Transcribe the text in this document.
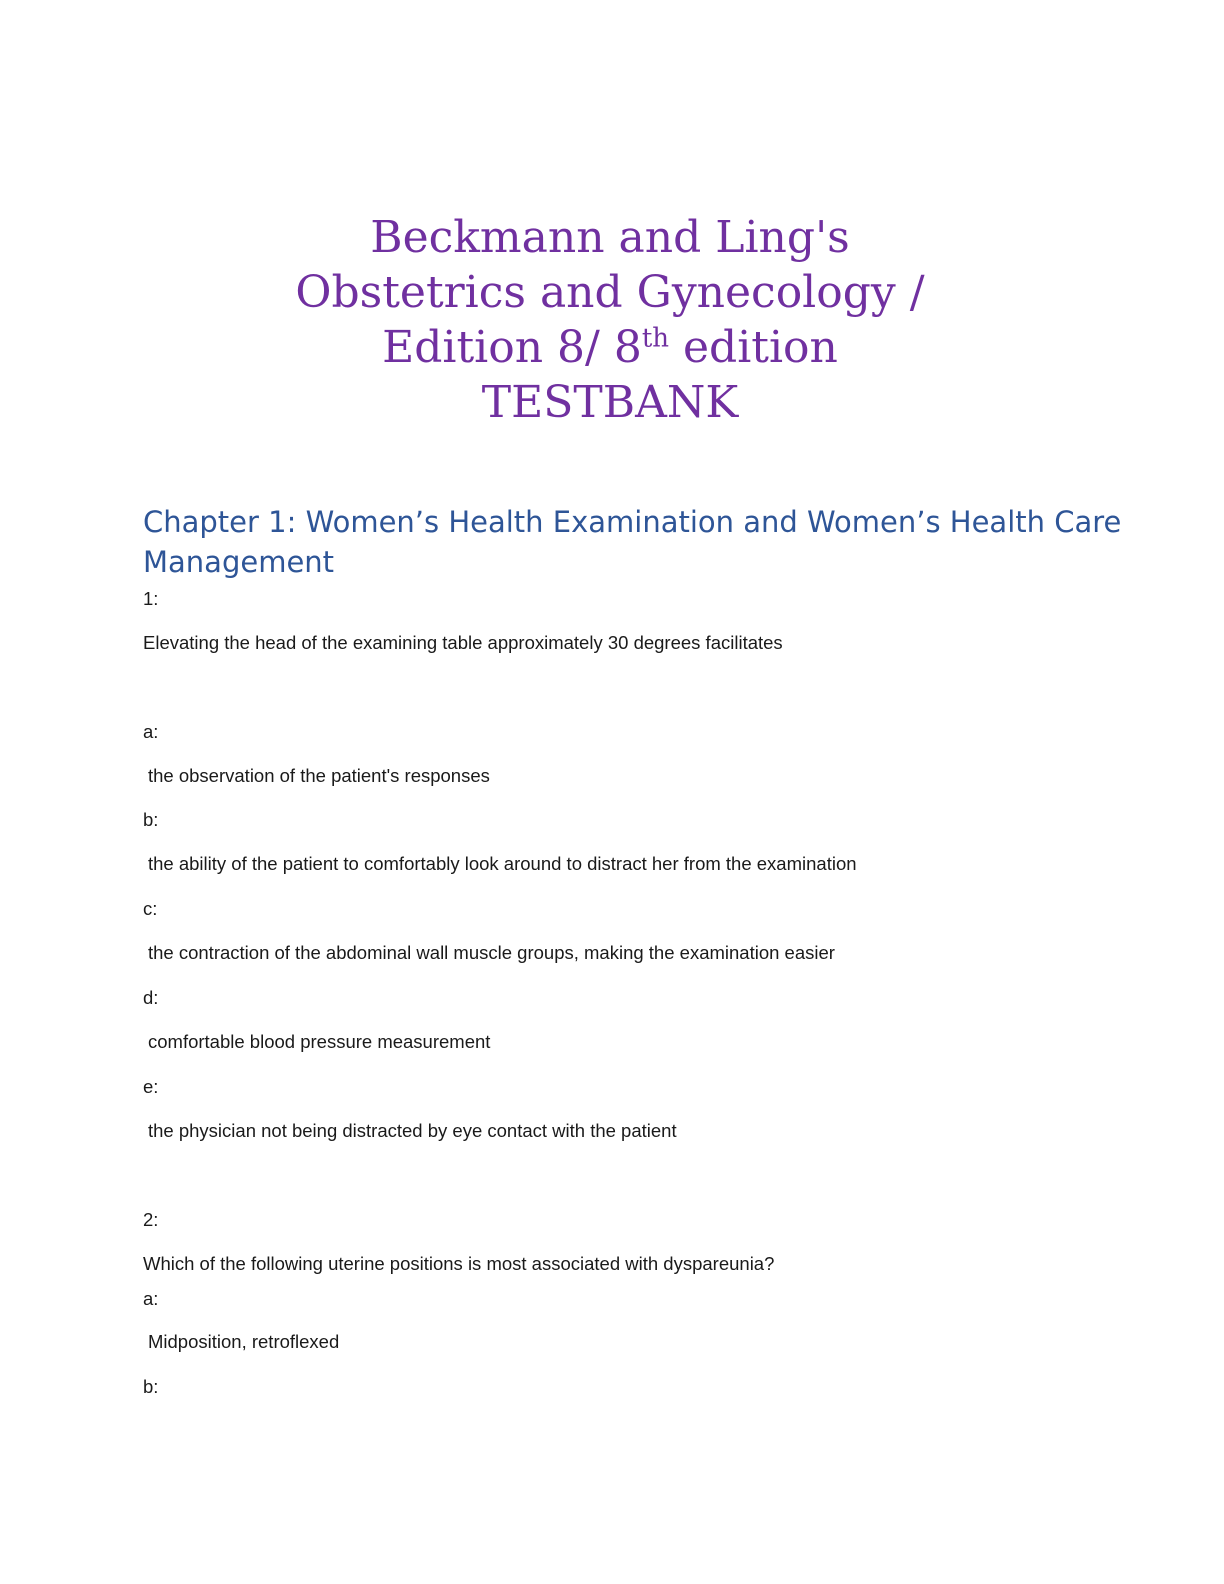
Beckmann and Ling's
Obstetrics and Gynecology /
Edition 8/ 8th edition
TESTBANK
Chapter 1: Women’s Health Examination and Women’s Health Care Management
1:
Elevating the head of the examining table approximately 30 degrees facilitates
a:
the observation of the patient's responses
b:
the ability of the patient to comfortably look around to distract her from the examination
c:
the contraction of the abdominal wall muscle groups, making the examination easier
d:
comfortable blood pressure measurement
e:
the physician not being distracted by eye contact with the patient
2:
Which of the following uterine positions is most associated with dyspareunia?
a:
Midposition, retroflexed
b:
